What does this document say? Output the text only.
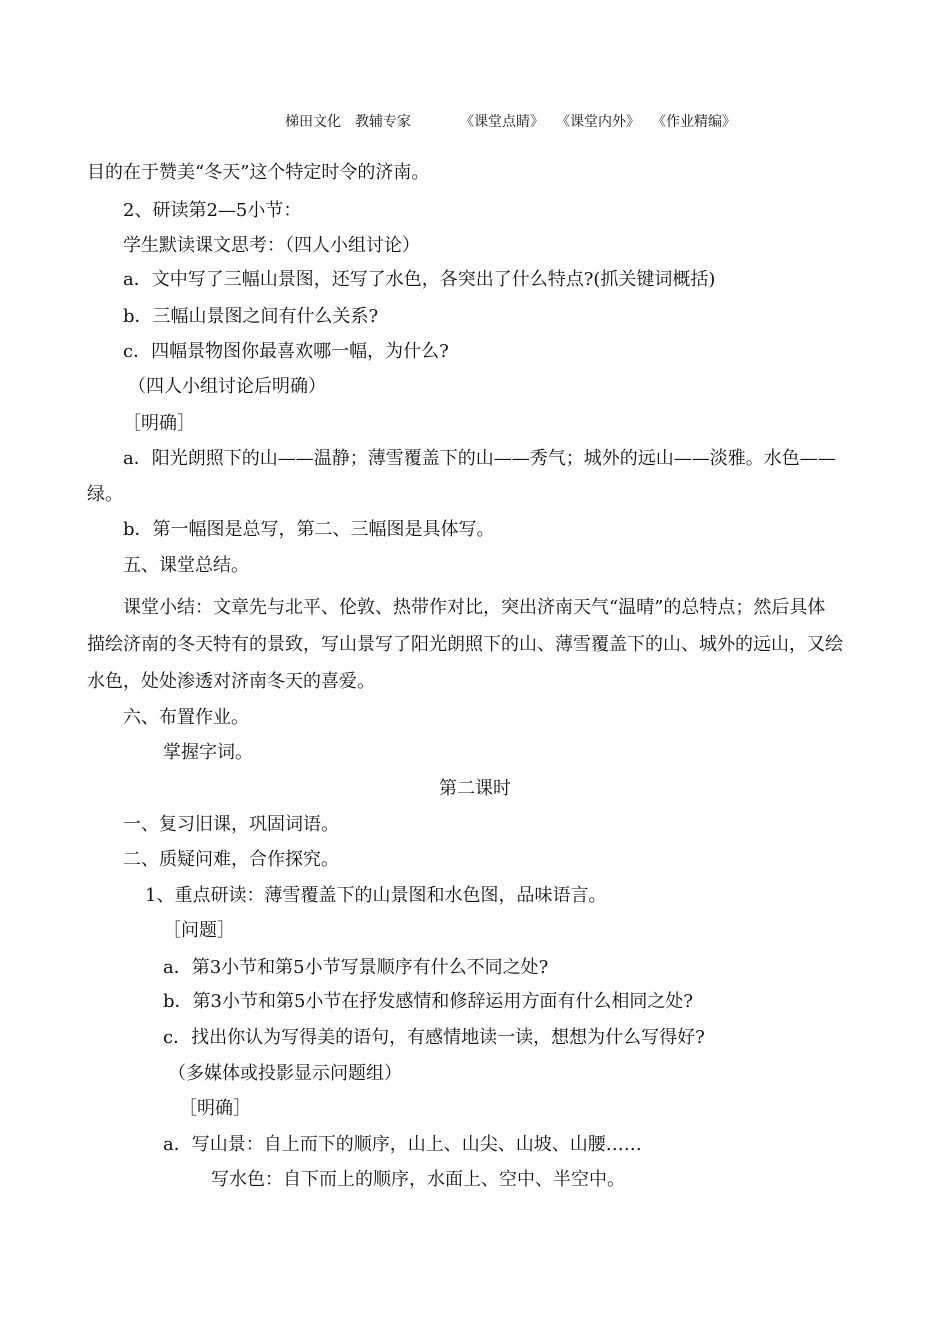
梯田文化　教辅专家	《课堂点睛》 《课堂内外》 《作业精编》
目的在于赞美“冬天”这个特定时令的济南。
2、研读第2—5小节：
学生默读课文思考：（四人小组讨论）
a．文中写了三幅山景图，还写了水色，各突出了什么特点?(抓关键词概括)
b．三幅山景图之间有什么关系?
c．四幅景物图你最喜欢哪一幅，为什么?
（四人小组讨论后明确）
［明确］
a．阳光朗照下的山——温静；薄雪覆盖下的山——秀气；城外的远山——淡雅。水色——
绿。
b．第一幅图是总写，第二、三幅图是具体写。
五、课堂总结。
课堂小结：文章先与北平、伦敦、热带作对比，突出济南天气“温晴”的总特点；然后具体
描绘济南的冬天特有的景致，写山景写了阳光朗照下的山、薄雪覆盖下的山、城外的远山，又绘
水色，处处渗透对济南冬天的喜爱。
六、布置作业。
掌握字词。
第二课时
一、复习旧课，巩固词语。
二、质疑问难，合作探究。
1、重点研读：薄雪覆盖下的山景图和水色图，品味语言。
［问题］
a．第3小节和第5小节写景顺序有什么不同之处?
b．第3小节和第5小节在抒发感情和修辞运用方面有什么相同之处?
c．找出你认为写得美的语句，有感情地读一读，想想为什么写得好?
（多媒体或投影显示问题组）
［明确］
a．写山景：自上而下的顺序，山上、山尖、山坡、山腰……
写水色：自下而上的顺序，水面上、空中、半空中。
